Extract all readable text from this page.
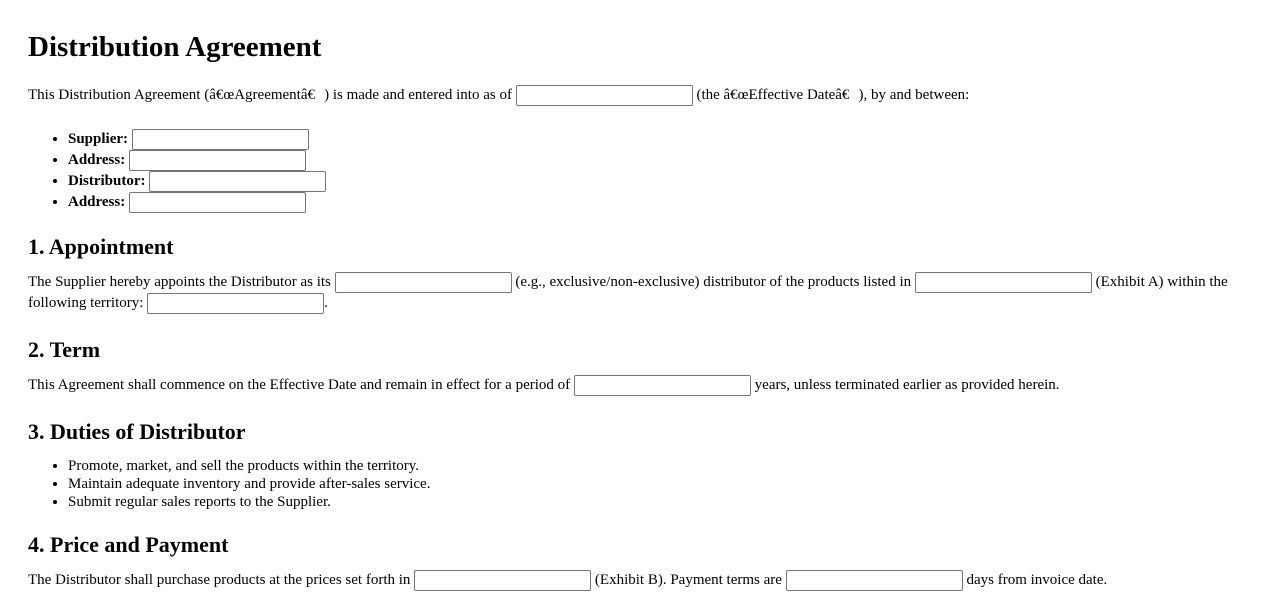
Distribution Agreement

This Distribution Agreement (â€œAgreementâ€) is made and entered into as of	(the â€œEffective Dateâ€), by and between:

• Supplier:
• Address:
• Distributor:
• Address:
1. Appointment

The Supplier hereby appoints the Distributor as its	(e.g., exclusive/non-exclusive) distributor of the products listed in	(Exhibit A) within the following territory:	.

2. Term

This Agreement shall commence on the Effective Date and remain in effect for a period of	years, unless terminated earlier as provided herein.

3. Duties of Distributor
• Promote, market, and sell the products within the territory.
• Maintain adequate inventory and provide after-sales service.
• Submit regular sales reports to the Supplier.
4. Price and Payment

The Distributor shall purchase products at the prices set forth in	(Exhibit B). Payment terms are	days from invoice date.
